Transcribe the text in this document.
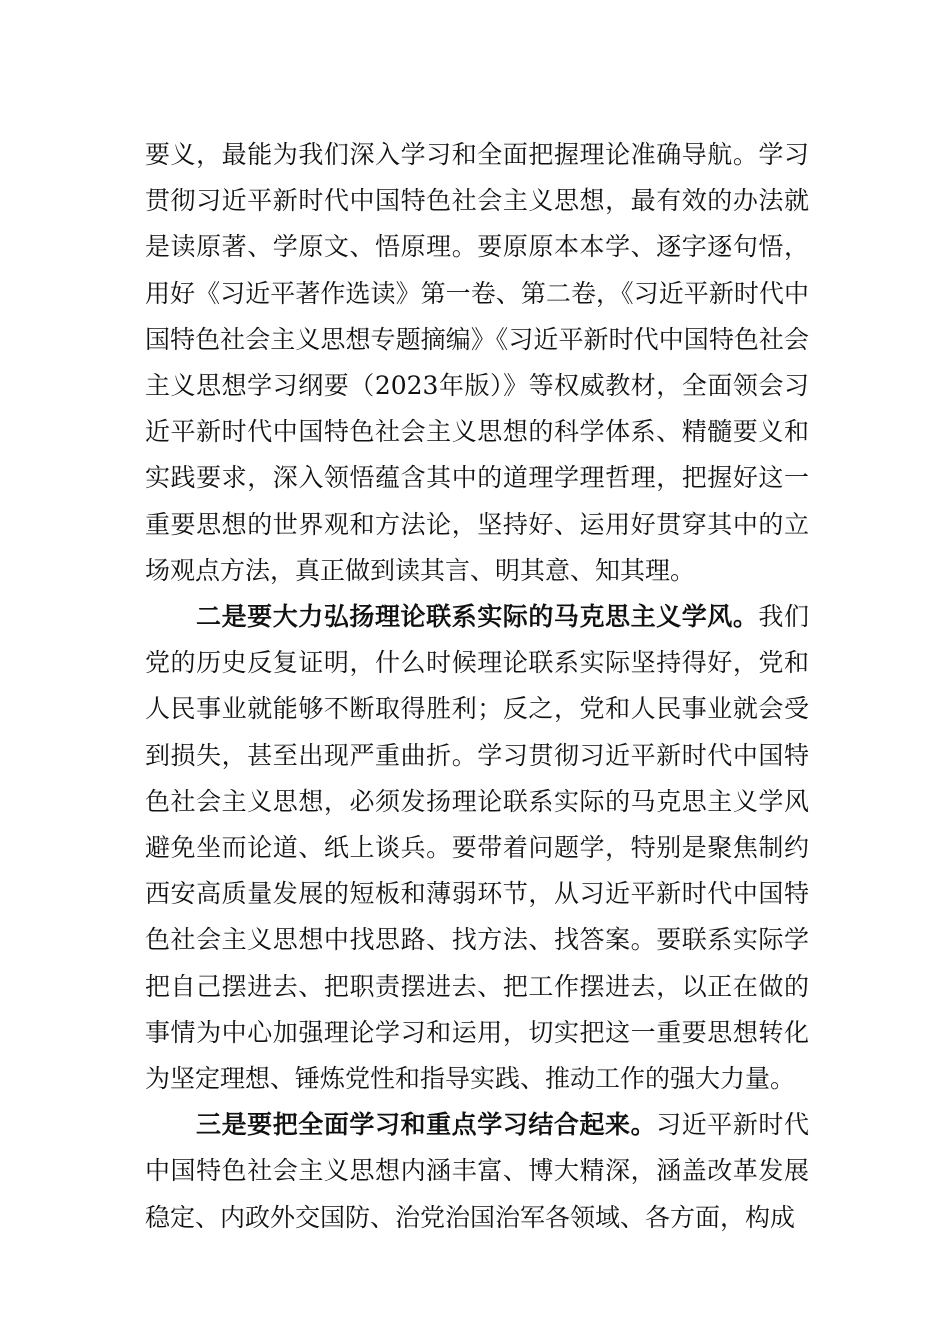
要义，最能为我们深入学习和全面把握理论准确导航。学习贯彻习近平新时代中国特色社会主义思想，最有效的办法就是读原著、学原文、悟原理。要原原本本学、逐字逐句悟，用好《习近平著作选读》第一卷、第二卷，《习近平新时代中国特色社会主义思想专题摘编》《习近平新时代中国特色社会主义思想学习纲要（2023年版）》等权威教材，全面领会习近平新时代中国特色社会主义思想的科学体系、精髓要义和实践要求，深入领悟蕴含其中的道理学理哲理，把握好这一重要思想的世界观和方法论，坚持好、运用好贯穿其中的立场观点方法，真正做到读其言、明其意、知其理。

二是要大力弘扬理论联系实际的马克思主义学风。我们党的历史反复证明，什么时候理论联系实际坚持得好，党和人民事业就能够不断取得胜利；反之，党和人民事业就会受到损失，甚至出现严重曲折。学习贯彻习近平新时代中国特色社会主义思想，必须发扬理论联系实际的马克思主义学风避免坐而论道、纸上谈兵。要带着问题学，特别是聚焦制约西安高质量发展的短板和薄弱环节，从习近平新时代中国特色社会主义思想中找思路、找方法、找答案。要联系实际学把自己摆进去、把职责摆进去、把工作摆进去，以正在做的事情为中心加强理论学习和运用，切实把这一重要思想转化为坚定理想、锤炼党性和指导实践、推动工作的强大力量。

三是要把全面学习和重点学习结合起来。习近平新时代中国特色社会主义思想内涵丰富、博大精深，涵盖改革发展稳定、内政外交国防、治党治国治军各领域、各方面，构成
